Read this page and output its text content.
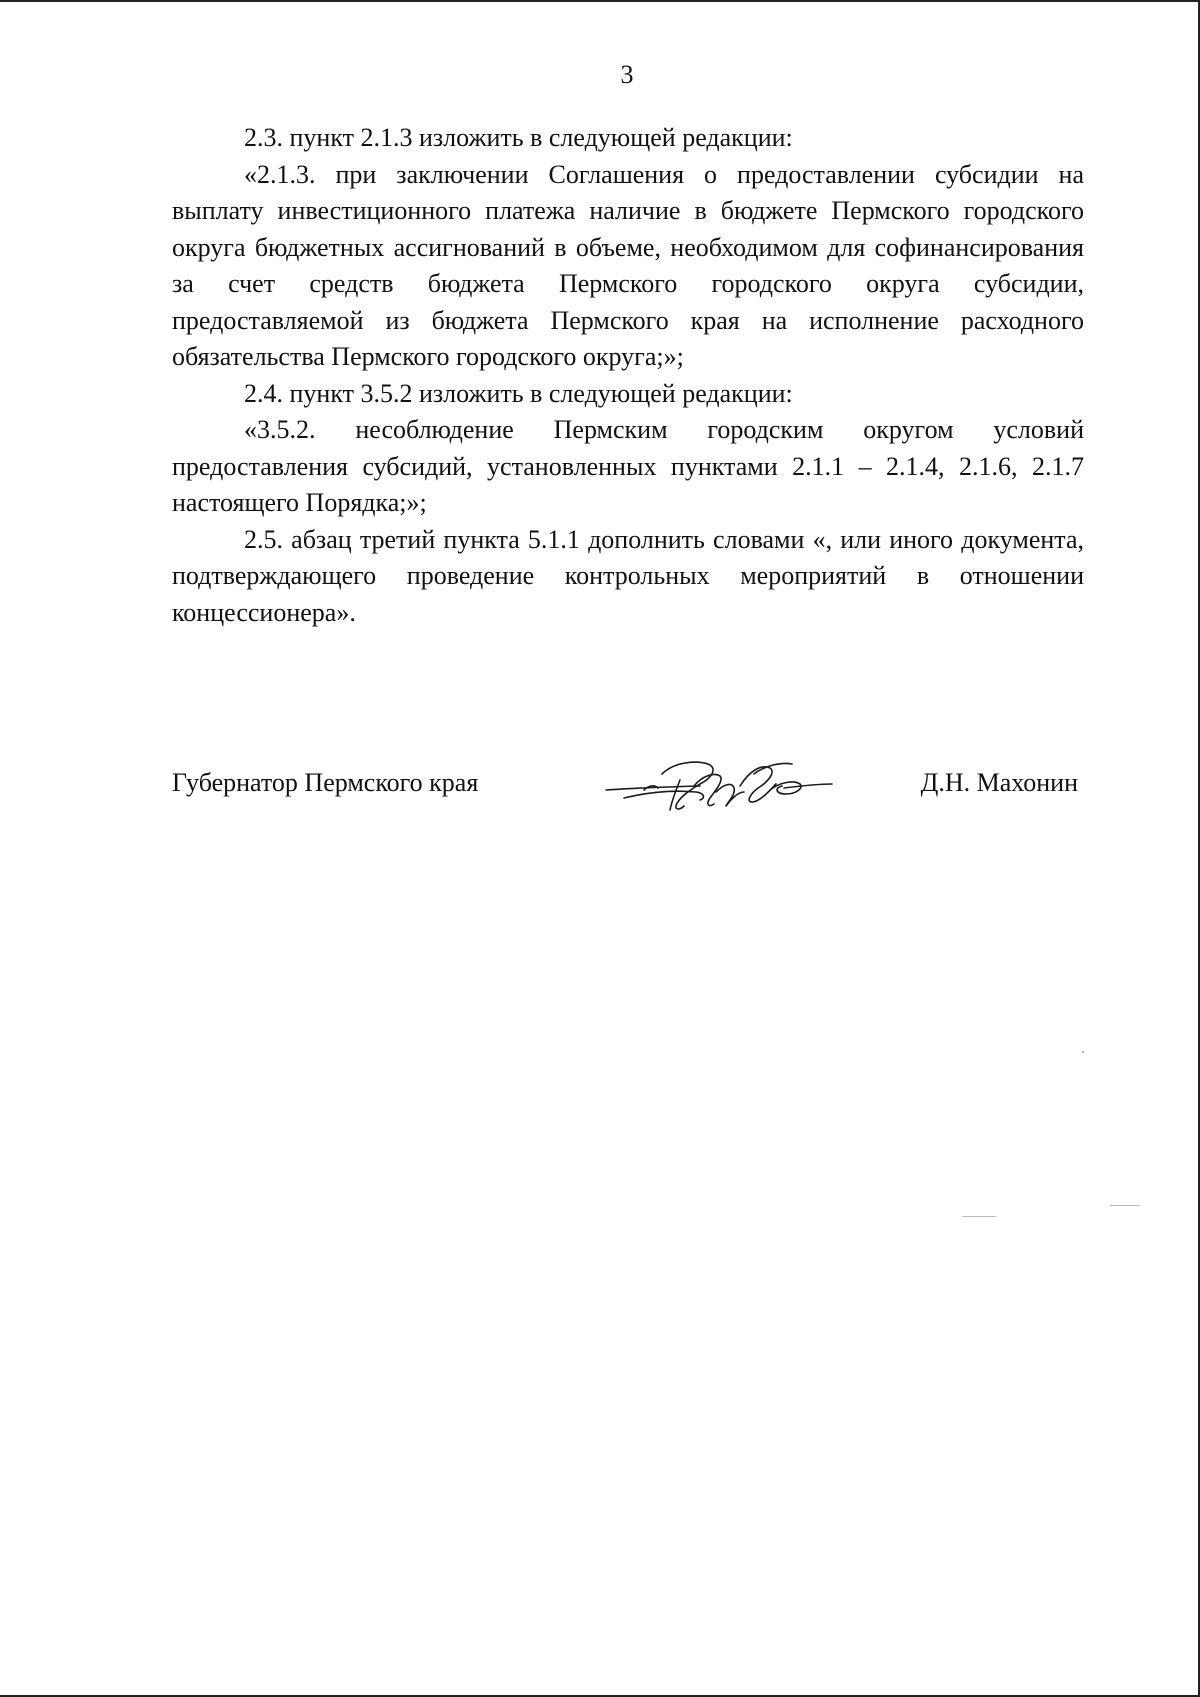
3

2.3. пункт 2.1.3 изложить в следующей редакции:

«2.1.3. при заключении Соглашения о предоставлении субсидии на выплату инвестиционного платежа наличие в бюджете Пермского городского округа бюджетных ассигнований в объеме, необходимом для софинансирования за счет средств бюджета Пермского городского округа субсидии, предоставляемой из бюджета Пермского края на исполнение расходного обязательства Пермского городского округа;»;

2.4. пункт 3.5.2 изложить в следующей редакции:

«3.5.2. несоблюдение Пермским городским округом условий предоставления субсидий, установленных пунктами 2.1.1 – 2.1.4, 2.1.6, 2.1.7 настоящего Порядка;»;

2.5. абзац третий пункта 5.1.1 дополнить словами «, или иного документа, подтверждающего проведение контрольных мероприятий в отношении концессионера».

Губернатор Пермского края	Д.Н. Махонин
